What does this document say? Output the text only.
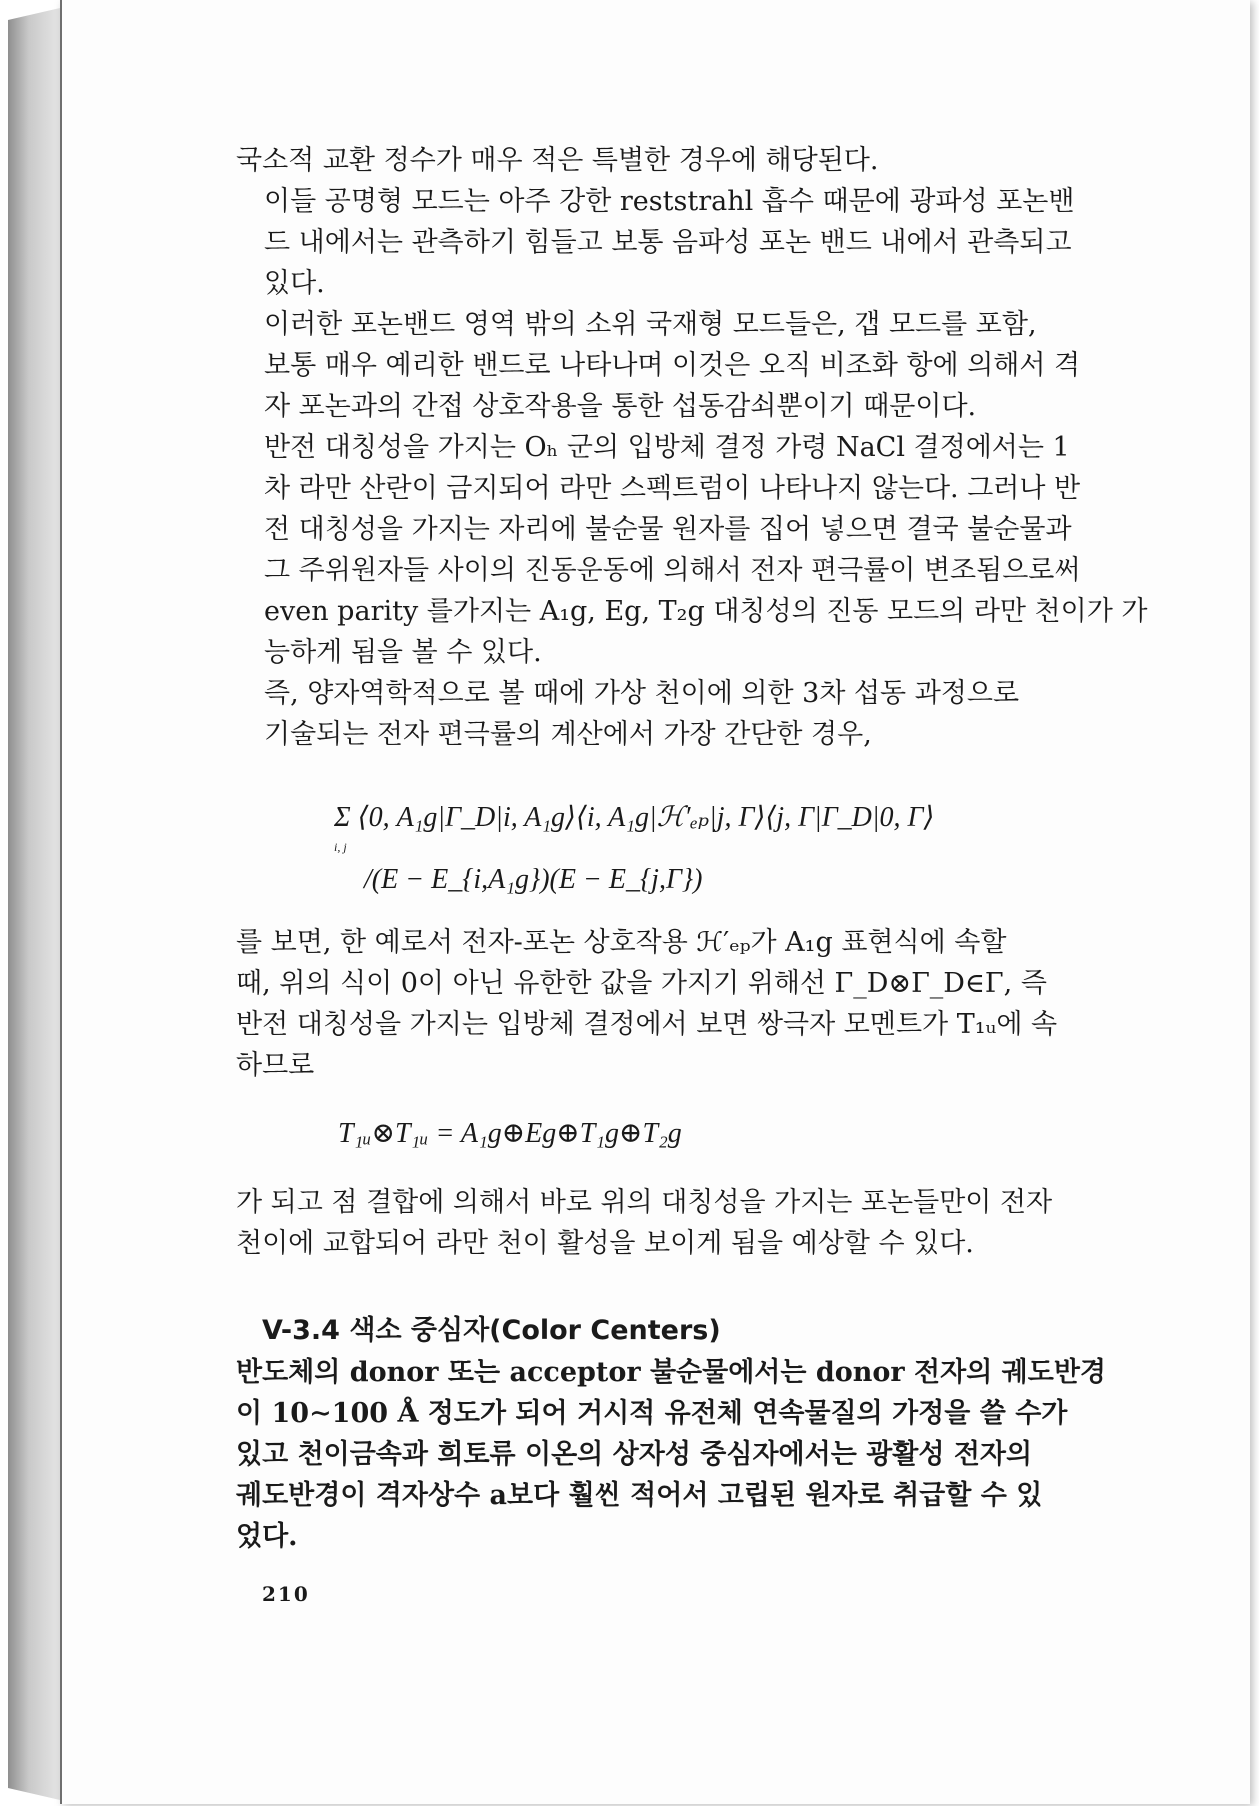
국소적 교환 정수가 매우 적은 특별한 경우에 해당된다.

이들 공명형 모드는 아주 강한 reststrahl 흡수 때문에 광파성 포논밴
드 내에서는 관측하기 힘들고 보통 음파성 포논 밴드 내에서 관측되고
있다.

이러한 포논밴드 영역 밖의 소위 국재형 모드들은, 갭 모드를 포함,
보통 매우 예리한 밴드로 나타나며 이것은 오직 비조화 항에 의해서 격
자 포논과의 간접 상호작용을 통한 섭동감쇠뿐이기 때문이다.

반전 대칭성을 가지는 Oₕ 군의 입방체 결정 가령 NaCl 결정에서는 1
차 라만 산란이 금지되어 라만 스펙트럼이 나타나지 않는다. 그러나 반
전 대칭성을 가지는 자리에 불순물 원자를 집어 넣으면 결국 불순물과
그 주위원자들 사이의 진동운동에 의해서 전자 편극률이 변조됨으로써
even parity 를가지는 A₁g, Eg, T₂g 대칭성의 진동 모드의 라만 천이가 가
능하게 됨을 볼 수 있다.

즉, 양자역학적으로 볼 때에 가상 천이에 의한 3차 섭동 과정으로
기술되는 전자 편극률의 계산에서 가장 간단한 경우,

Σ ⟨0, A₁g|Γ_D|i, A₁g⟩⟨i, A₁g|ℋ′ₑₚ|j, Γ⟩⟨j, Γ|Γ_D|0, Γ⟩
i, j
/(E − E_{i,A₁g})(E − E_{j,Γ})
를 보면, 한 예로서 전자-포논 상호작용 ℋ′ₑₚ가 A₁g 표현식에 속할
때, 위의 식이 0이 아닌 유한한 값을 가지기 위해선 Γ_D⊗Γ_D∈Γ, 즉
반전 대칭성을 가지는 입방체 결정에서 보면 쌍극자 모멘트가 T₁ᵤ에 속
하므로
T₁ᵤ⊗T₁ᵤ = A₁g⊕Eg⊕T₁g⊕T₂g
가 되고 점 결합에 의해서 바로 위의 대칭성을 가지는 포논들만이 전자
천이에 교합되어 라만 천이 활성을 보이게 됨을 예상할 수 있다.
V-3.4 색소 중심자(Color Centers)
반도체의 donor 또는 acceptor 불순물에서는 donor 전자의 궤도반경
이 10∼100 Å 정도가 되어 거시적 유전체 연속물질의 가정을 쓸 수가
있고 천이금속과 희토류 이온의 상자성 중심자에서는 광활성 전자의
궤도반경이 격자상수 a보다 훨씬 적어서 고립된 원자로 취급할 수 있
었다.
210
